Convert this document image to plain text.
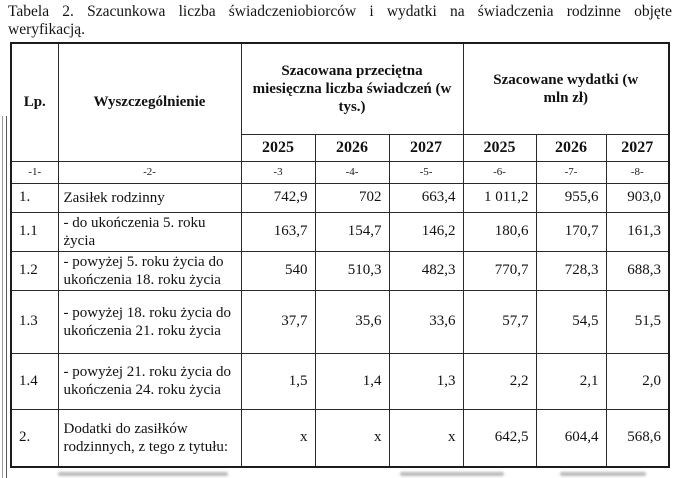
Tabela 2. Szacunkowa liczba świadczeniobiorców i wydatki na świadczenia rodzinne objęte
weryfikacją.
Lp.	Wyszczególnienie	Szacowana przeciętna miesięczna liczba świadczeń (w tys.)			Szacowane wydatki (w mln zł)		

		2025	2026	2027	2025	2026	2027
-1-	-2-	-3	-4-	-5-	-6-	-7-	-8-
1.	Zasiłek rodzinny	742,9	702	663,4	1 011,2	955,6	903,0
1.1	- do ukończenia 5. roku życia	163,7	154,7	146,2	180,6	170,7	161,3
1.2	- powyżej 5. roku życia do ukończenia 18. roku życia	540	510,3	482,3	770,7	728,3	688,3
1.3	- powyżej 18. roku życia do ukończenia 21. roku życia	37,7	35,6	33,6	57,7	54,5	51,5
1.4	- powyżej 21. roku życia do ukończenia 24. roku życia	1,5	1,4	1,3	2,2	2,1	2,0
2.	Dodatki do zasiłków rodzinnych, z tego z tytułu:	x	x	x	642,5	604,4	568,6
